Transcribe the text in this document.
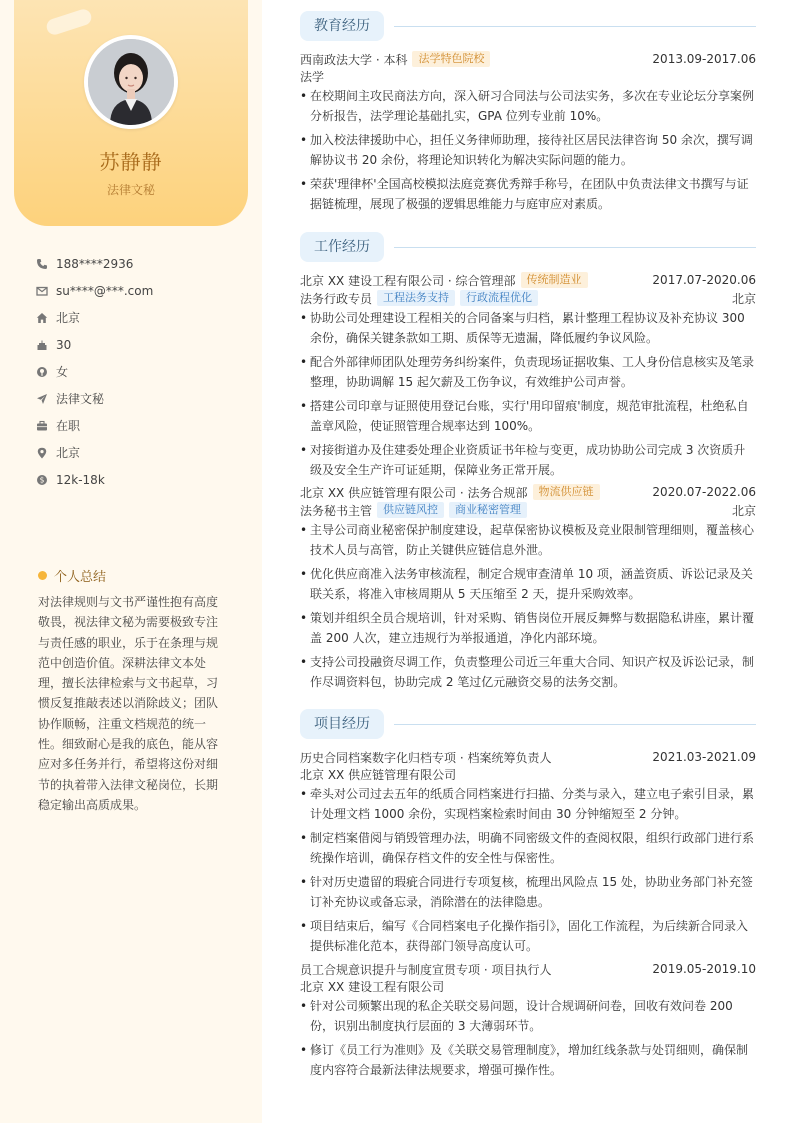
苏静静
法律文秘
188****2936
su****@***.com
北京
30
女
法律文秘
在职
北京
$ 12k-18k
个人总结
对法律规则与文书严谨性抱有高度敬畏，视法律文秘为需要极致专注与责任感的职业，乐于在条理与规范中创造价值。深耕法律文本处理，擅长法律检索与文书起草，习惯反复推敲表述以消除歧义；团队协作顺畅，注重文档规范的统一性。细致耐心是我的底色，能从容应对多任务并行，希望将这份对细节的执着带入法律文秘岗位，长期稳定输出高质成果。
教育经历
西南政法大学 · 本科	法学特色院校	2013.09-2017.06
法学
• 在校期间主攻民商法方向，深入研习合同法与公司法实务，多次在专业论坛分享案例分析报告，法学理论基础扎实，GPA 位列专业前 10%。
• 加入校法律援助中心，担任义务律师助理，接待社区居民法律咨询 50 余次，撰写调解协议书 20 余份，将理论知识转化为解决实际问题的能力。
• 荣获'理律杯'全国高校模拟法庭竞赛优秀辩手称号，在团队中负责法律文书撰写与证据链梳理，展现了极强的逻辑思维能力与庭审应对素质。
工作经历
北京 XX 建设工程有限公司 · 综合管理部	传统制造业	2017.07-2020.06
法务行政专员	工程法务支持	行政流程优化	北京
• 协助公司处理建设工程相关的合同备案与归档，累计整理工程协议及补充协议 300 余份，确保关键条款如工期、质保等无遗漏，降低履约争议风险。
• 配合外部律师团队处理劳务纠纷案件，负责现场证据收集、工人身份信息核实及笔录整理，协助调解 15 起欠薪及工伤争议，有效维护公司声誉。
• 搭建公司印章与证照使用登记台账，实行'用印留痕'制度，规范审批流程，杜绝私自盖章风险，使证照管理合规率达到 100%。
• 对接街道办及住建委处理企业资质证书年检与变更，成功协助公司完成 3 次资质升级及安全生产许可证延期，保障业务正常开展。
北京 XX 供应链管理有限公司 · 法务合规部	物流供应链	2020.07-2022.06
法务秘书主管	供应链风控	商业秘密管理	北京
• 主导公司商业秘密保护制度建设，起草保密协议模板及竞业限制管理细则，覆盖核心技术人员与高管，防止关键供应链信息外泄。
• 优化供应商准入法务审核流程，制定合规审查清单 10 项，涵盖资质、诉讼记录及关联关系，将准入审核周期从 5 天压缩至 2 天，提升采购效率。
• 策划并组织全员合规培训，针对采购、销售岗位开展反舞弊与数据隐私讲座，累计覆盖 200 人次，建立违规行为举报通道，净化内部环境。
• 支持公司投融资尽调工作，负责整理公司近三年重大合同、知识产权及诉讼记录，制作尽调资料包，协助完成 2 笔过亿元融资交易的法务交割。
项目经历
历史合同档案数字化归档专项 · 档案统筹负责人	2021.03-2021.09
北京 XX 供应链管理有限公司
• 牵头对公司过去五年的纸质合同档案进行扫描、分类与录入，建立电子索引目录，累计处理文档 1000 余份，实现档案检索时间由 30 分钟缩短至 2 分钟。
• 制定档案借阅与销毁管理办法，明确不同密级文件的查阅权限，组织行政部门进行系统操作培训，确保存档文件的安全性与保密性。
• 针对历史遗留的瑕疵合同进行专项复核，梳理出风险点 15 处，协助业务部门补充签订补充协议或备忘录，消除潜在的法律隐患。
• 项目结束后，编写《合同档案电子化操作指引》，固化工作流程，为后续新合同录入提供标准化范本，获得部门领导高度认可。
员工合规意识提升与制度宣贯专项 · 项目执行人	2019.05-2019.10
北京 XX 建设工程有限公司
• 针对公司频繁出现的私企关联交易问题，设计合规调研问卷，回收有效问卷 200 份，识别出制度执行层面的 3 大薄弱环节。
• 修订《员工行为准则》及《关联交易管理制度》，增加红线条款与处罚细则，确保制度内容符合最新法律法规要求，增强可操作性。
